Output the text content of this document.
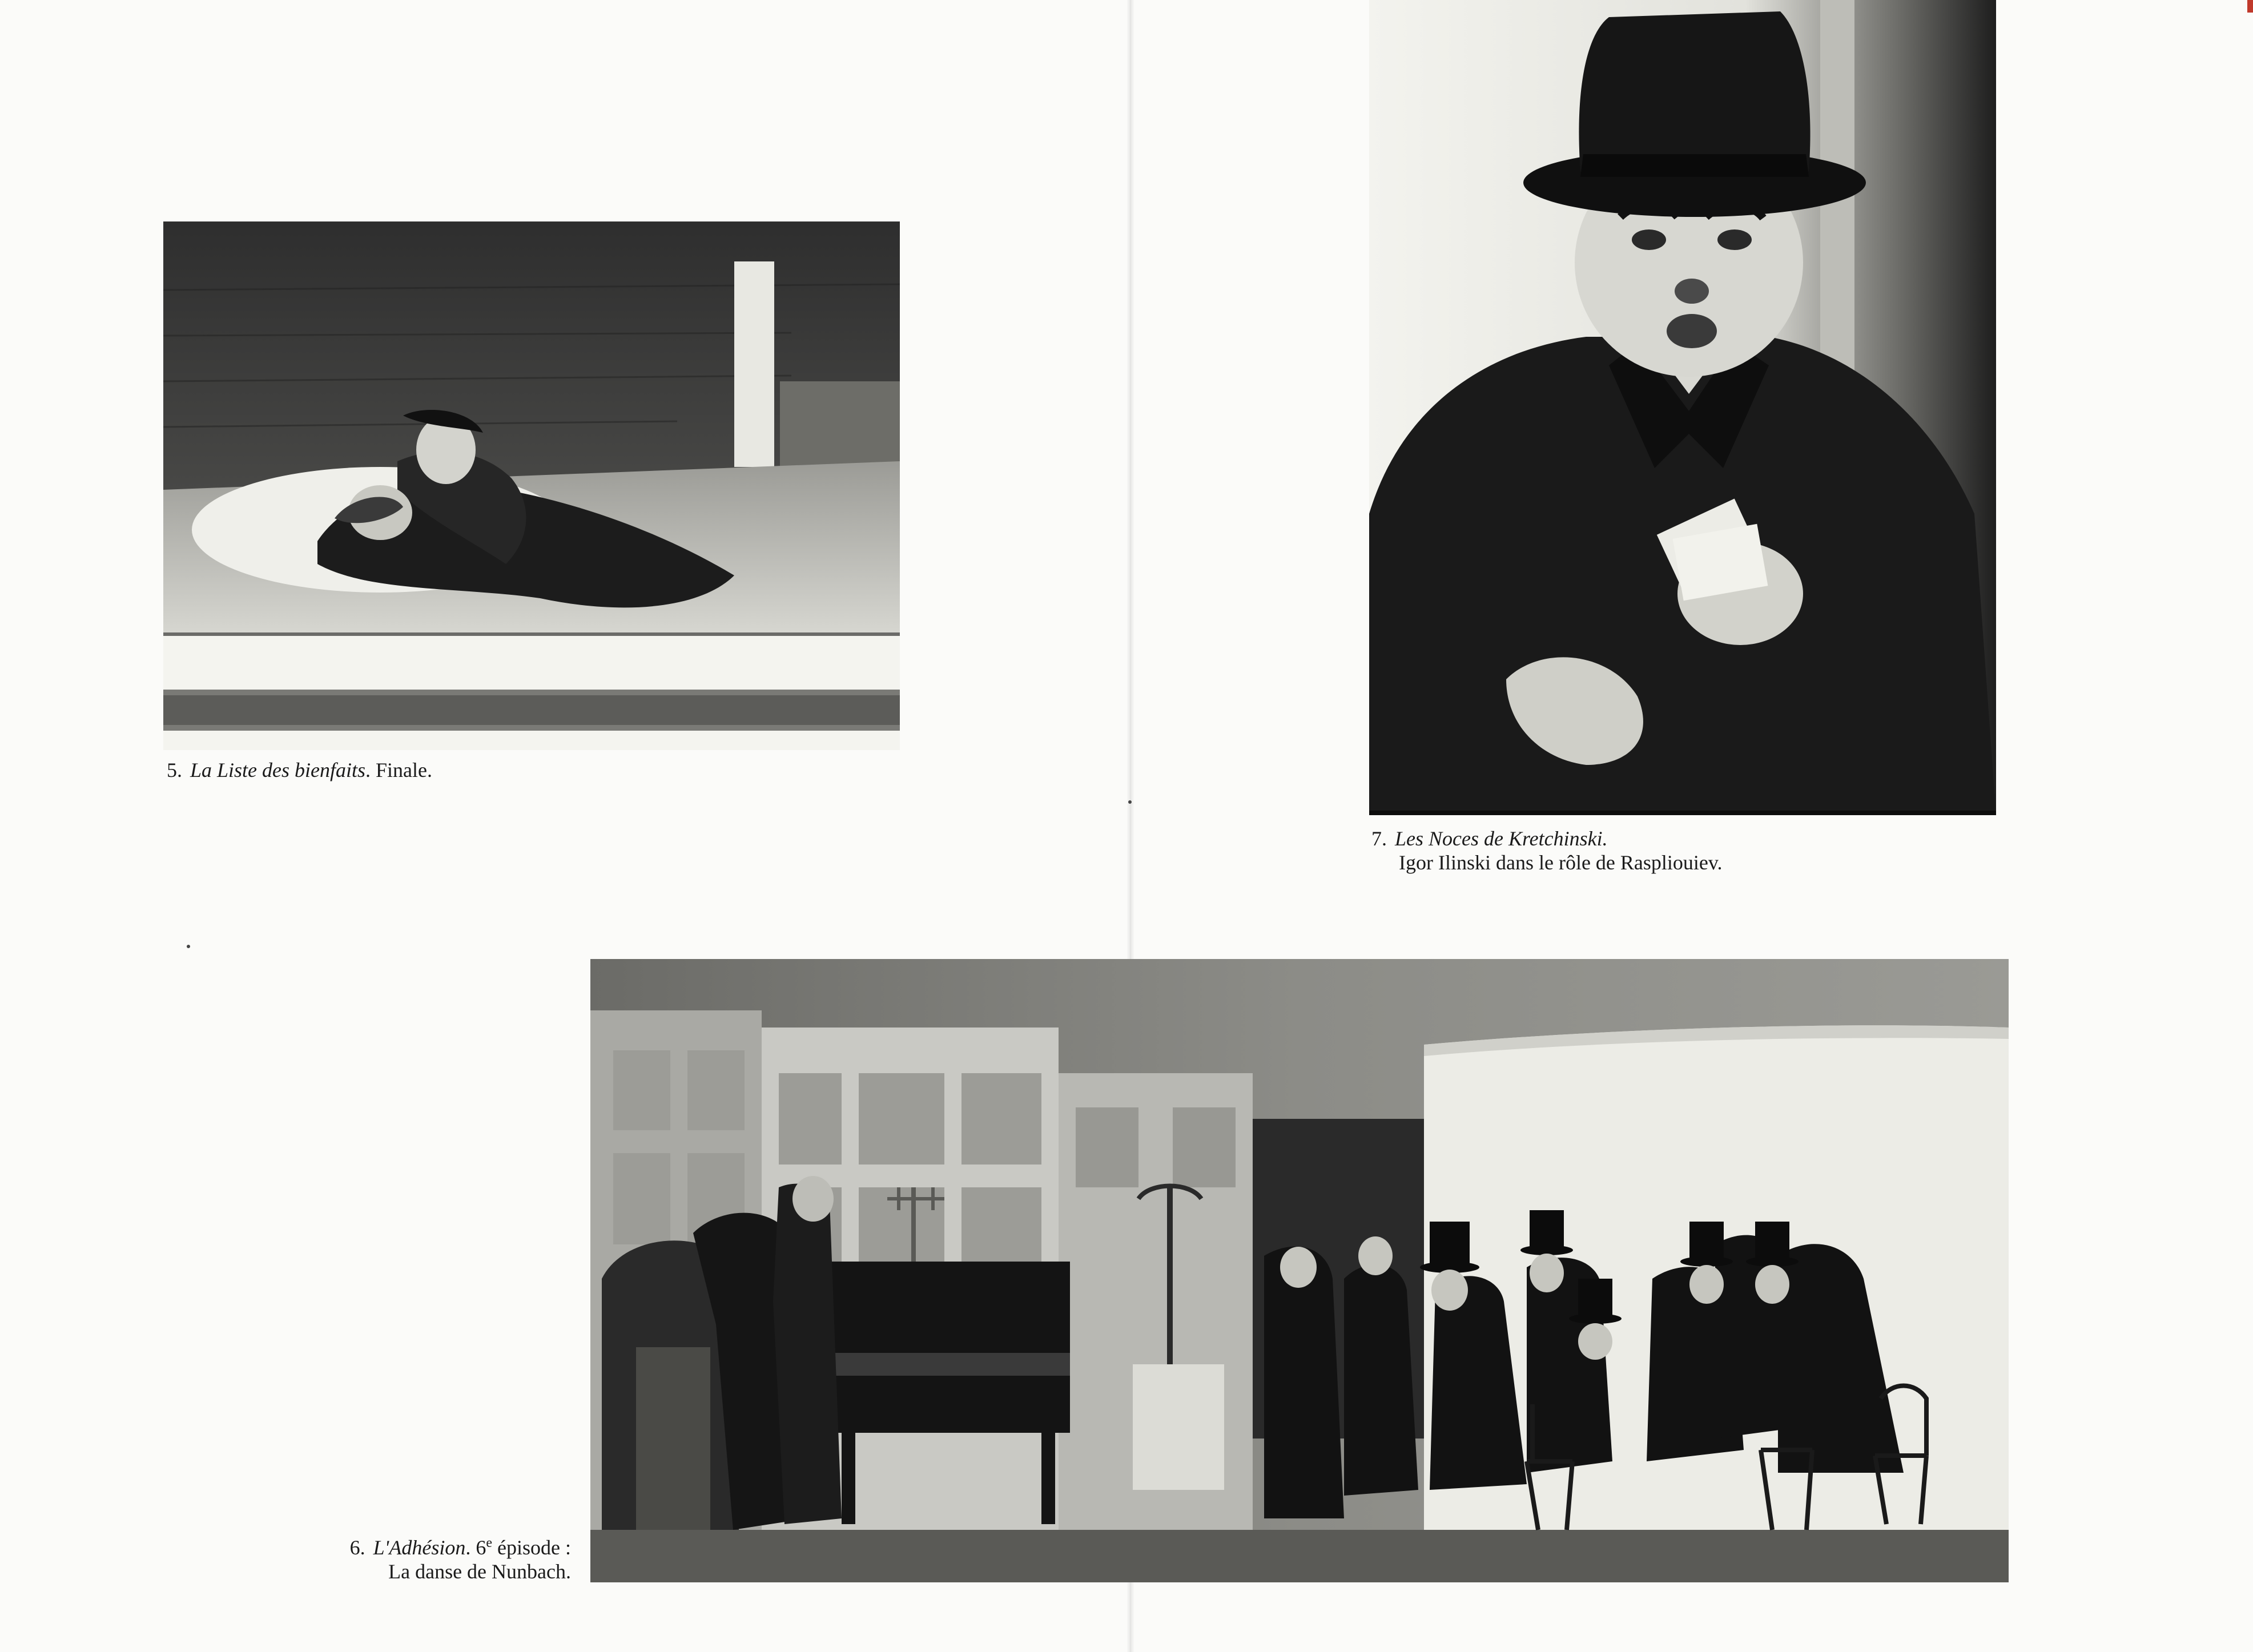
5. La Liste des bienfaits. Finale.
7. Les Noces de Kretchinski.
Igor Ilinski dans le rôle de Raspliouiev.
6. L'Adhésion. 6e épisode :
La danse de Nunbach.
